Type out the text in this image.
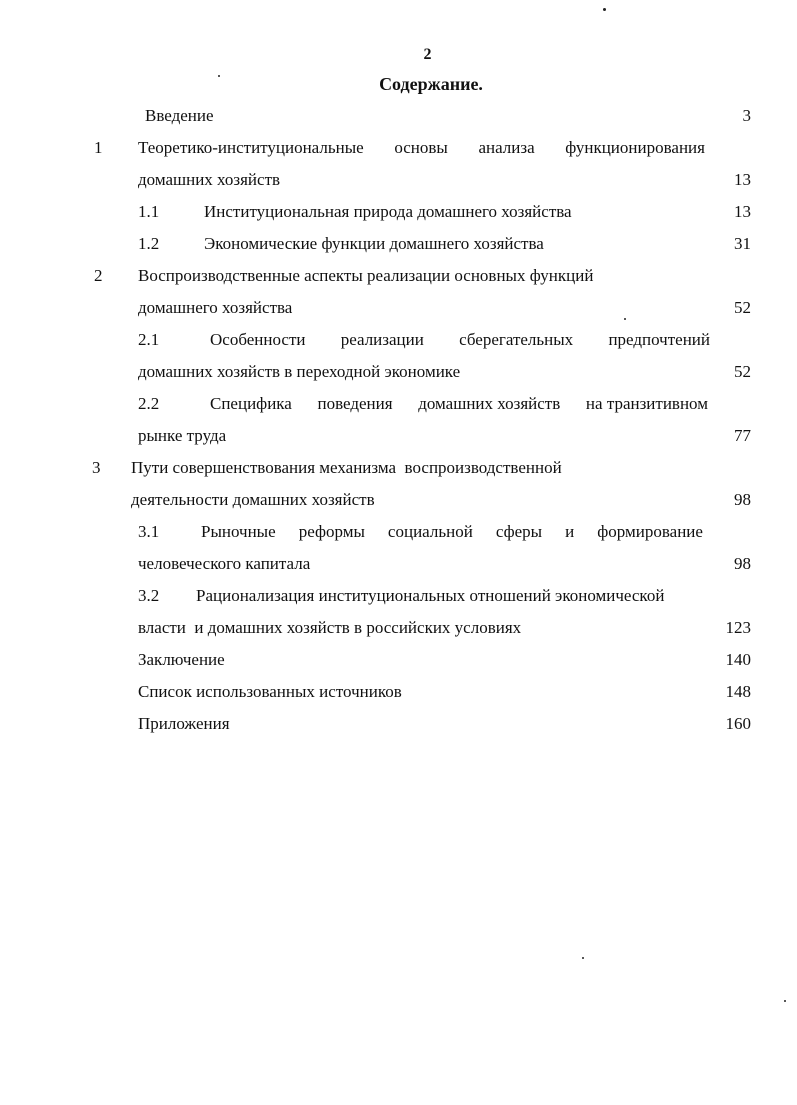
2
Содержание.
Введение	3
1 Теоретико-институциональные основы анализа функционирования
домашних хозяйств	13
1.1	Институциональная природа домашнего хозяйства	13
1.2	Экономические функции домашнего хозяйства	31
2 Воспроизводственные аспекты реализации основных функций
домашнего хозяйства	52
2.1	Особенности реализации сберегательных предпочтений
домашних хозяйств в переходной экономике	52
2.2	Специфика поведения домашних хозяйств на транзитивном
рынке труда	77
3 Пути совершенствования механизма  воспроизводственной
деятельности домашних хозяйств	98
3.1 Рыночные реформы социальной сферы и формирование
человеческого капитала	98
3.2 Рационализация институциональных отношений экономической
власти  и домашних хозяйств в российских условиях	123
Заключение	140
Список использованных источников	148
Приложения	160
